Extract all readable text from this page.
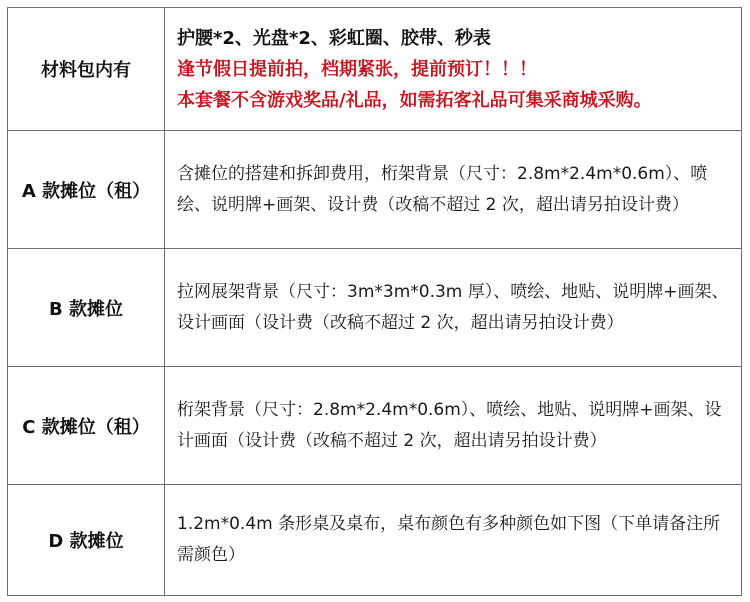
材料包内有	护腰*2、光盘*2、彩虹圈、胶带、秒表
逢节假日提前拍，档期紧张，提前预订！！！
本套餐不含游戏奖品/礼品，如需拓客礼品可集采商城采购。

A 款摊位（租）	含摊位的搭建和拆卸费用，桁架背景（尺寸：2.8m*2.4m*0.6m）、喷绘、说明牌+画架、设计费（改稿不超过 2 次，超出请另拍设计费）

B 款摊位	拉网展架背景（尺寸：3m*3m*0.3m 厚）、喷绘、地贴、说明牌+画架、设计画面（设计费（改稿不超过 2 次，超出请另拍设计费）

C 款摊位（租）	桁架背景（尺寸：2.8m*2.4m*0.6m）、喷绘、地贴、说明牌+画架、设计画面（设计费（改稿不超过 2 次，超出请另拍设计费）

D 款摊位	1.2m*0.4m 条形桌及桌布，桌布颜色有多种颜色如下图（下单请备注所需颜色）
